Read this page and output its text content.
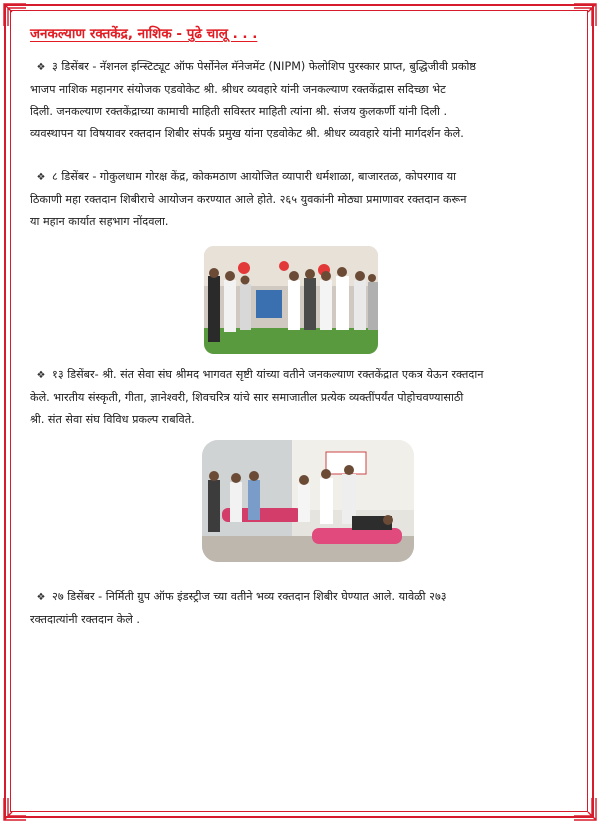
जनकल्याण रक्तकेंद्र, नाशिक - पुढे चालू . . .
❖ ३ डिसेंबर - नॅशनल इन्स्टिट्यूट ऑफ पेर्सोनेल मॅनेजमेंट (NIPM) फेलोशिप पुरस्कार प्राप्त, बुद्धिजीवी प्रकोष्ठ
भाजप नाशिक महानगर संयोजक एडवोकेट श्री. श्रीधर व्यवहारे यांनी जनकल्याण रक्तकेंद्रास सदिच्छा भेट
दिली. जनकल्याण रक्तकेंद्राच्या कामाची माहिती सविस्तर माहिती त्यांना श्री. संजय कुलकर्णी यांनी दिली .
व्यवस्थापन या विषयावर रक्तदान शिबीर संपर्क प्रमुख यांना एडवोकेट श्री. श्रीधर व्यवहारे यांनी मार्गदर्शन केले.
❖ ८ डिसेंबर - गोकुलधाम गोरक्ष केंद्र, कोकमठाण आयोजित व्यापारी धर्मशाळा, बाजारतळ, कोपरगाव या
ठिकाणी महा रक्तदान शिबीराचे आयोजन करण्यात आले होते. २६५ युवकांनी मोठ्या प्रमाणावर रक्तदान करून
या महान कार्यात सहभाग नोंदवला.
❖ १३ डिसेंबर- श्री. संत सेवा संघ श्रीमद भागवत सृष्टी यांच्या वतीने जनकल्याण रक्तकेंद्रात एकत्र येऊन रक्तदान
केले. भारतीय संस्कृती, गीता, ज्ञानेश्वरी, शिवचरित्र यांचे सार समाजातील प्रत्येक व्यक्तींपर्यंत पोहोचवण्यासाठी
श्री. संत सेवा संघ विविध प्रकल्प राबविते.
❖ २७ डिसेंबर - निर्मिती ग्रुप ऑफ इंडस्ट्रीज च्या वतीने भव्य रक्तदान शिबीर घेण्यात आले. यावेळी २७३
रक्तदात्यांनी रक्तदान केले .
